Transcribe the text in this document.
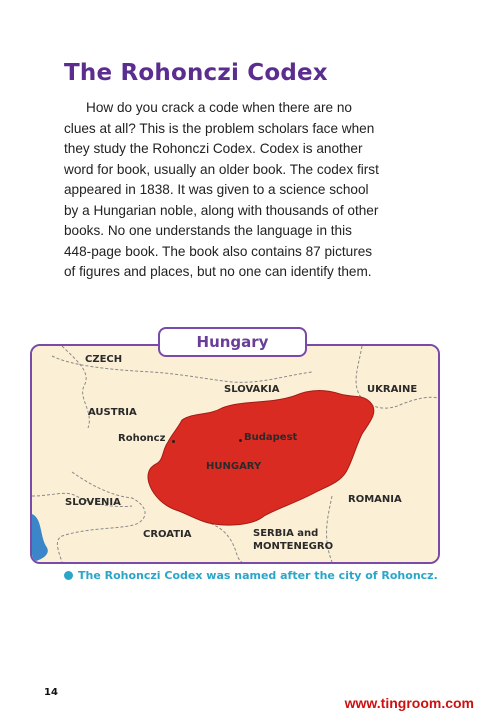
The Rohonczi Codex

How do you crack a code when there are no
clues at all? This is the problem scholars face when
they study the Rohonczi Codex. Codex is another
word for book, usually an older book. The codex first
appeared in 1838. It was given to a science school
by a Hungarian noble, along with thousands of other
books. No one understands the language in this
448-page book. The book also contains 87 pictures
of figures and places, but no one can identify them.

Hungary
CZECH
SLOVAKIA	UKRAINE
AUSTRIA
Rohoncz	Budapest
HUNGARY
SLOVENIA	ROMANIA
CROATIA	SERBIA and
MONTENEGRO
The Rohonczi Codex was named after the city of Rohoncz.
14
www.tingroom.com
